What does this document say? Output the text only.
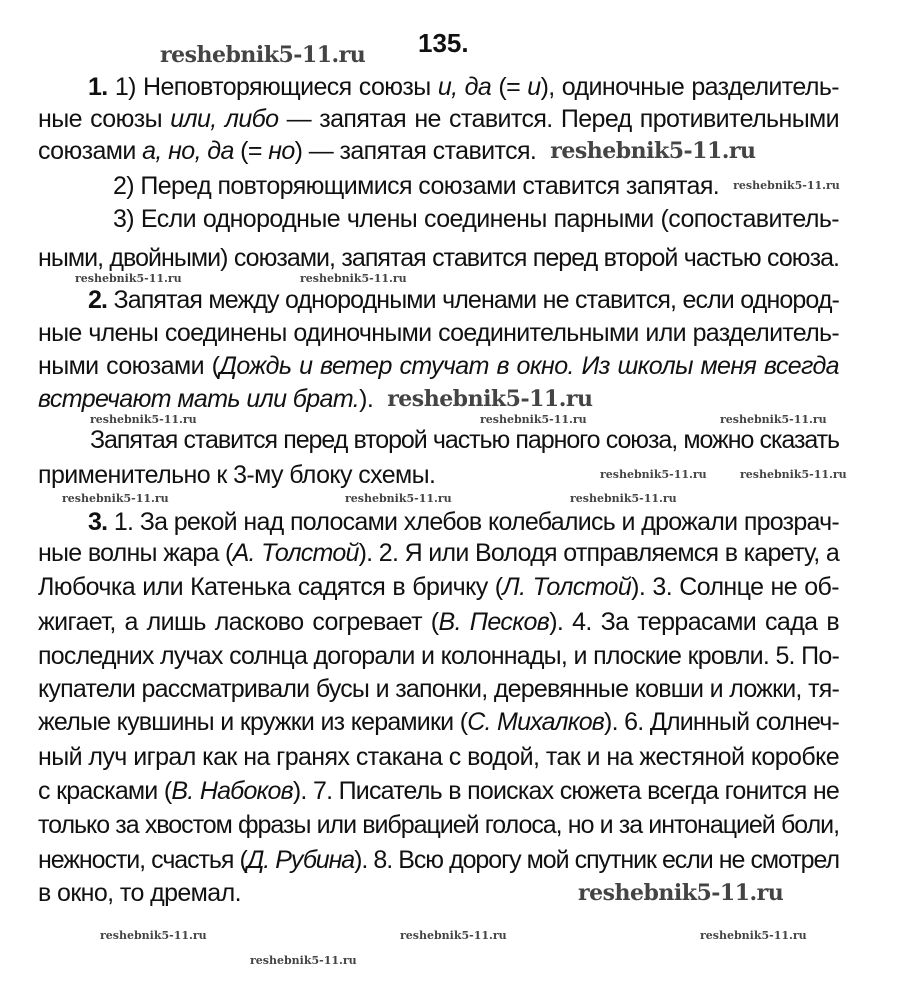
135.
1. 1) Неповторяющиеся союзы и, да (= и), одиночные разделитель-
ные союзы или, либо — запятая не ставится. Перед противительными
союзами а, но, да (= но) — запятая ставится.
2) Перед повторяющимися союзами ставится запятая.
3) Если однородные члены соединены парными (сопоставитель-
ными, двойными) союзами, запятая ставится перед второй частью союза.
2. Запятая между однородными членами не ставится, если однород-
ные члены соединены одиночными соединительными или разделитель-
ными союзами (Дождь и ветер стучат в окно. Из школы меня всегда
встречают мать или брат.).
Запятая ставится перед второй частью парного союза, можно сказать
применительно к 3-му блоку схемы.
3. 1. За рекой над полосами хлебов колебались и дрожали прозрач-
ные волны жара (А. Толстой). 2. Я или Володя отправляемся в карету, а
Любочка или Катенька садятся в бричку (Л. Толстой). 3. Солнце не об-
жигает, а лишь ласково согревает (В. Песков). 4. За террасами сада в
последних лучах солнца догорали и колоннады, и плоские кровли. 5. По-
купатели рассматривали бусы и запонки, деревянные ковши и ложки, тя-
желые кувшины и кружки из керамики (С. Михалков). 6. Длинный солнеч-
ный луч играл как на гранях стакана с водой, так и на жестяной коробке
с красками (В. Набоков). 7. Писатель в поисках сюжета всегда гонится не
только за хвостом фразы или вибрацией голоса, но и за интонацией боли,
нежности, счастья (Д. Рубина). 8. Всю дорогу мой спутник если не смотрел
в окно, то дремал.
reshebnik5-11.ru
reshebnik5-11.ru
reshebnik5-11.ru
reshebnik5-11.ru
reshebnik5-11.ru
reshebnik5-11.ru	reshebnik5-11.ru
reshebnik5-11.ru	reshebnik5-11.ru	reshebnik5-11.ru
reshebnik5-11.ru	reshebnik5-11.ru
reshebnik5-11.ru	reshebnik5-11.ru	reshebnik5-11.ru
reshebnik5-11.ru	reshebnik5-11.ru	reshebnik5-11.ru
reshebnik5-11.ru
